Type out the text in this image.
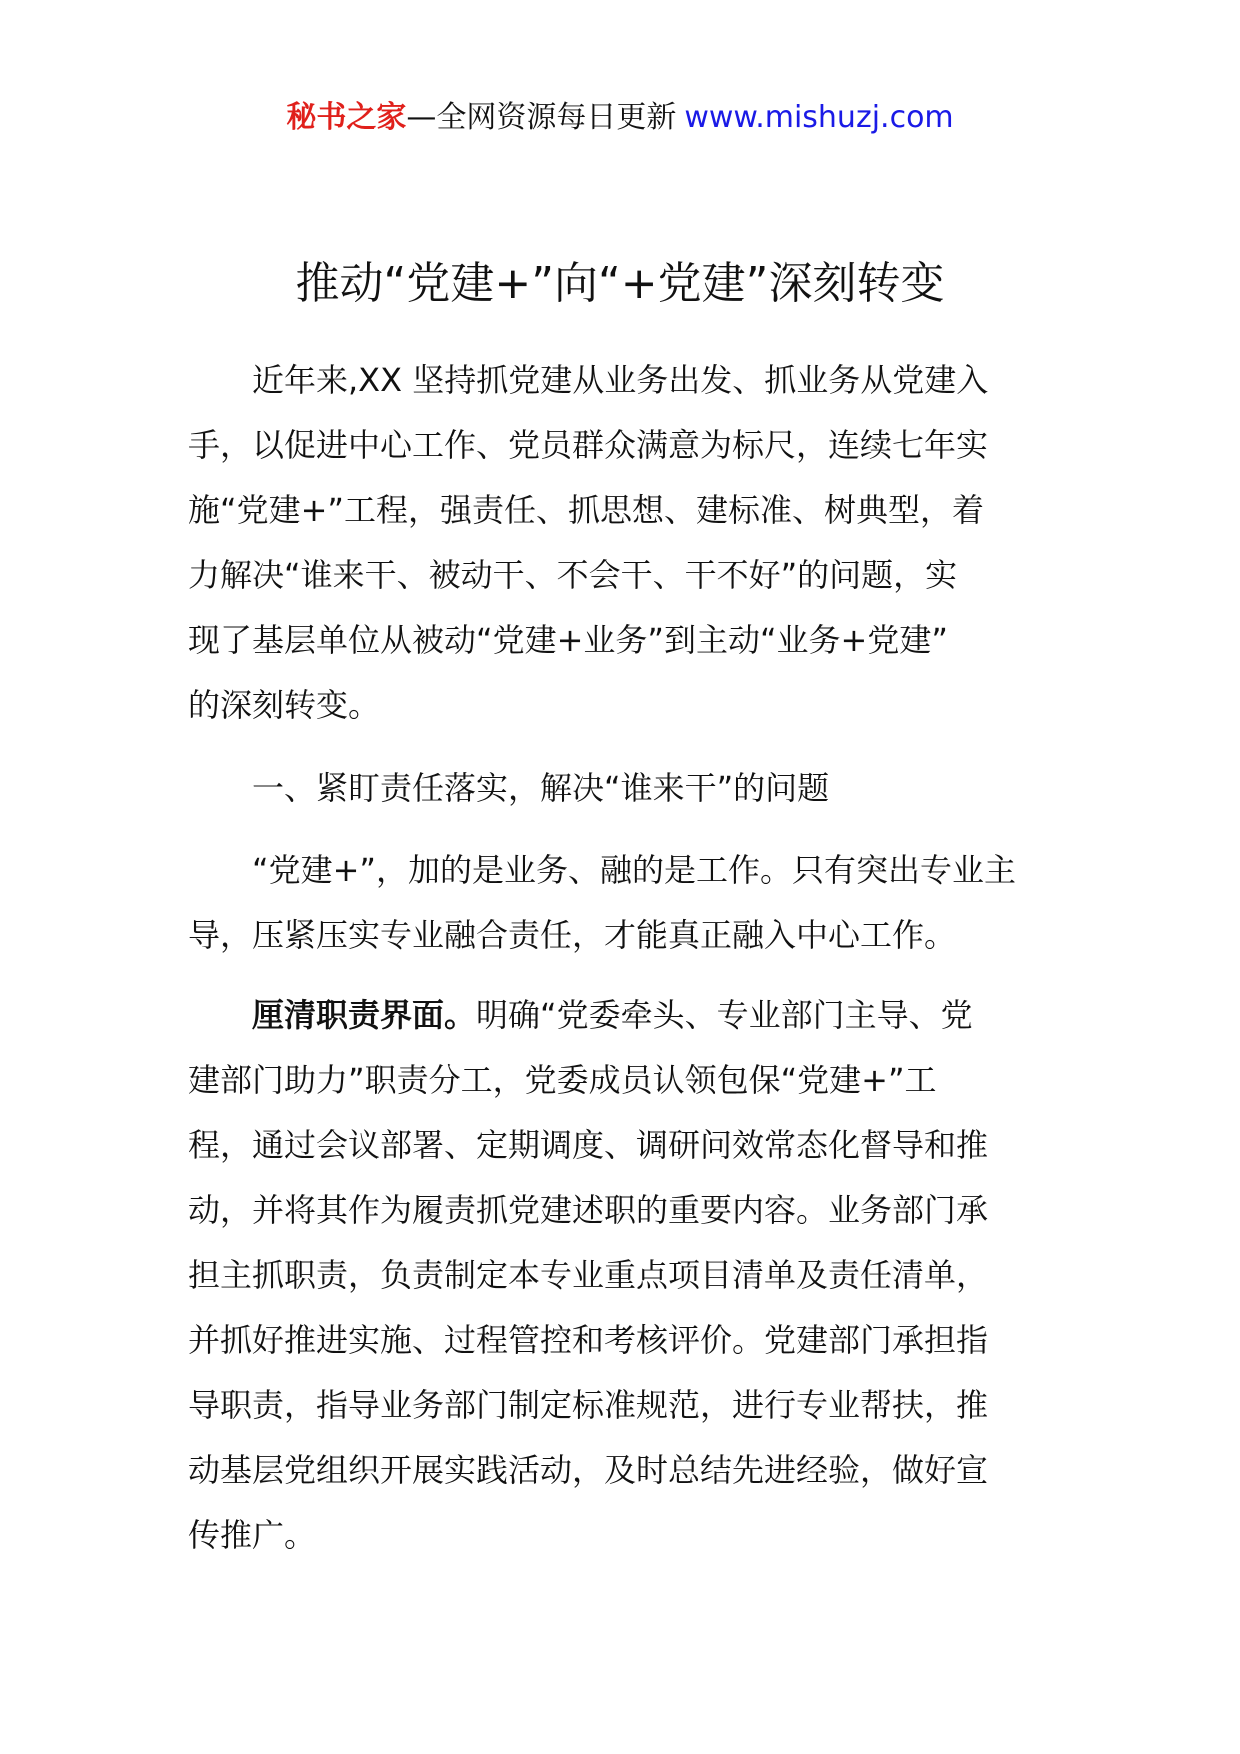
秘书之家—全网资源每日更新 www.mishuzj.com
推动“党建+”向“+党建”深刻转变
近年来,XX 坚持抓党建从业务出发、抓业务从党建入
手，以促进中心工作、党员群众满意为标尺，连续七年实
施“党建+”工程，强责任、抓思想、建标准、树典型，着
力解决“谁来干、被动干、不会干、干不好”的问题，实
现了基层单位从被动“党建+业务”到主动“业务+党建”
的深刻转变。
一、紧盯责任落实，解决“谁来干”的问题
“党建+”，加的是业务、融的是工作。只有突出专业主
导，压紧压实专业融合责任，才能真正融入中心工作。
厘清职责界面。明确“党委牵头、专业部门主导、党
建部门助力”职责分工，党委成员认领包保“党建+”工
程，通过会议部署、定期调度、调研问效常态化督导和推
动，并将其作为履责抓党建述职的重要内容。业务部门承
担主抓职责，负责制定本专业重点项目清单及责任清单，
并抓好推进实施、过程管控和考核评价。党建部门承担指
导职责，指导业务部门制定标准规范，进行专业帮扶，推
动基层党组织开展实践活动，及时总结先进经验，做好宣
传推广。
